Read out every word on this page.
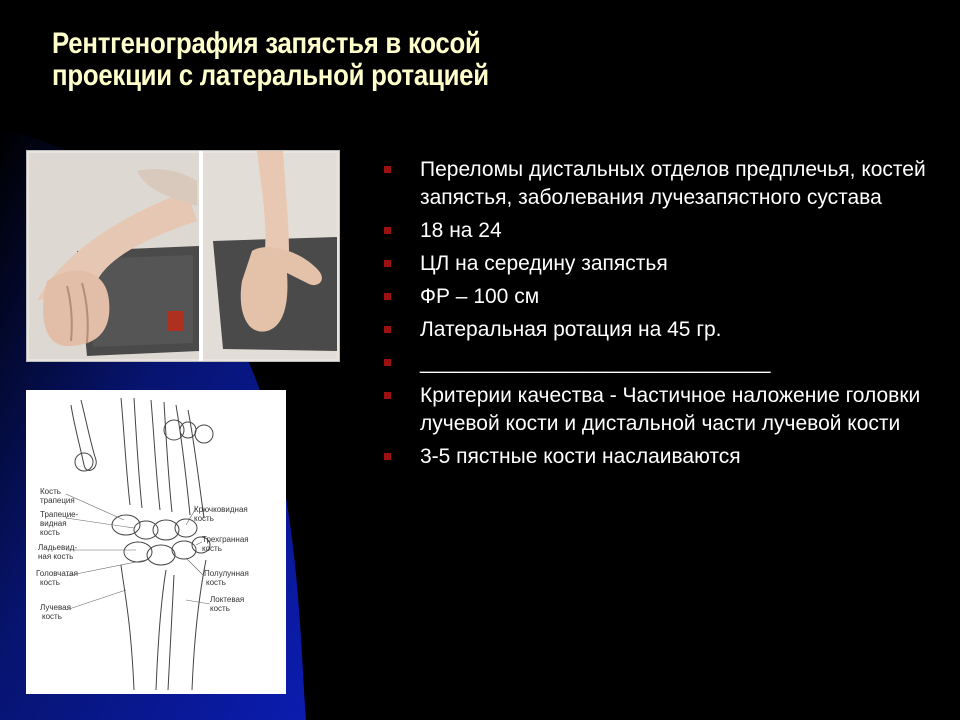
Рентгенография запястья в косой
проекции с латеральной ротацией
Кость
трапеция
Трапецие-
видная
кость
Ладьевид-
ная кость
Головчатая
кость
Лучевая
кость
Крючковидная
кость
Трехгранная
кость
Полулунная
кость
Локтевая
кость
Переломы дистальных отделов предплечья, костей запястья, заболевания лучезапястного сустава
18 на 24
ЦЛ на середину запястья
ФР – 100 см
Латеральная ротация на 45 гр.
______________________________
Критерии качества - Частичное наложение головки лучевой кости и дистальной части лучевой кости
3-5 пястные кости наслаиваются
